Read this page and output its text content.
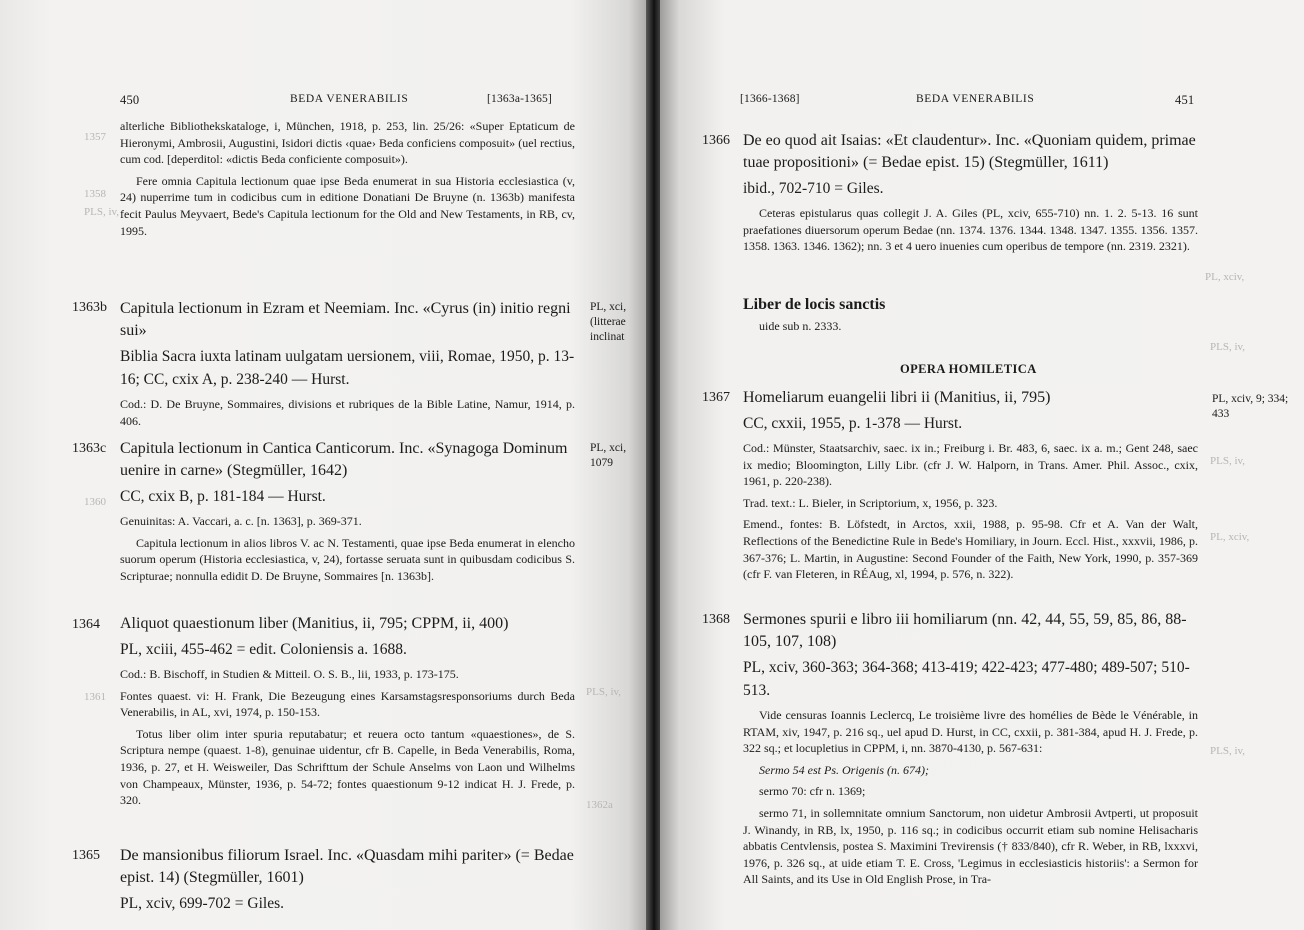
1357
1358
PLS, iv,
1360
1361	PLS, iv,
1362a
450	BEDA VENERABILIS	[1363a-1365]
alterliche Bibliothekskataloge, i, München, 1918, p. 253, lin. 25/26: «Super Eptaticum de Hieronymi, Ambrosii, Augustini, Isidori dictis ‹quae› Beda conficiens composuit» (uel rectius, cum cod. [deperditol: «dictis Beda conficiente composuit»).
Fere omnia Capitula lectionum quae ipse Beda enumerat in sua Historia ecclesiastica (v, 24) nuperrime tum in codicibus cum in editione Donatiani De Bruyne (n. 1363b) manifesta fecit Paulus Meyvaert, Bede's Capitula lectionum for the Old and New Testaments, in RB, cv, 1995.
1363b	PL, xci, (litterae inclinat
Capitula lectionum in Ezram et Neemiam. Inc. «Cyrus (in) initio regni sui»
Biblia Sacra iuxta latinam uulgatam uersionem, viii, Romae, 1950, p. 13-16; CC, cxix A, p. 238-240 — Hurst.
Cod.: D. De Bruyne, Sommaires, divisions et rubriques de la Bible Latine, Namur, 1914, p. 406.
1363c	PL, xci, 1079
Capitula lectionum in Cantica Canticorum. Inc. «Synagoga Dominum uenire in carne» (Stegmüller, 1642)
CC, cxix B, p. 181-184 — Hurst.
Genuinitas: A. Vaccari, a. c. [n. 1363], p. 369-371.
Capitula lectionum in alios libros V. ac N. Testamenti, quae ipse Beda enumerat in elencho suorum operum (Historia ecclesiastica, v, 24), fortasse seruata sunt in quibusdam codicibus S. Scripturae; nonnulla edidit D. De Bruyne, Sommaires [n. 1363b].
1364 Aliquot quaestionum liber (Manitius, ii, 795; CPPM, ii, 400)
PL, xciii, 455-462 = edit. Coloniensis a. 1688.
Cod.: B. Bischoff, in Studien & Mitteil. O. S. B., lii, 1933, p. 173-175.
Fontes quaest. vi: H. Frank, Die Bezeugung eines Karsamstagsresponsoriums durch Beda Venerabilis, in AL, xvi, 1974, p. 150-153.
Totus liber olim inter spuria reputabatur; et reuera octo tantum «quaestiones», de S. Scriptura nempe (quaest. 1-8), genuinae uidentur, cfr B. Capelle, in Beda Venerabilis, Roma, 1936, p. 27, et H. Weisweiler, Das Schrifttum der Schule Anselms von Laon und Wilhelms von Champeaux, Münster, 1936, p. 54-72; fontes quaestionum 9-12 indicat H. J. Frede, p. 320.
1365 De mansionibus filiorum Israel. Inc. «Quasdam mihi pariter» (= Bedae epist. 14) (Stegmüller, 1601)
PL, xciv, 699-702 = Giles.
PL, xciv,
PLS, iv,
PLS, iv,
PL, xciv,
PLS, iv,
[1366-1368]	BEDA VENERABILIS	451
1366 De eo quod ait Isaias: «Et claudentur». Inc. «Quoniam quidem, primae tuae propositioni» (= Bedae epist. 15) (Stegmüller, 1611)
ibid., 702-710 = Giles.
Ceteras epistularus quas collegit J. A. Giles (PL, xciv, 655-710) nn. 1. 2. 5-13. 16 sunt praefationes diuersorum operum Bedae (nn. 1374. 1376. 1344. 1348. 1347. 1355. 1356. 1357. 1358. 1363. 1346. 1362); nn. 3 et 4 uero inuenies cum operibus de tempore (nn. 2319. 2321).
Liber de locis sanctis
uide sub n. 2333.
OPERA HOMILETICA
1367	PL, xciv, 9; 334; 433
Homeliarum euangelii libri ii (Manitius, ii, 795)
CC, cxxii, 1955, p. 1-378 — Hurst.
Cod.: Münster, Staatsarchiv, saec. ix in.; Freiburg i. Br. 483, 6, saec. ix a. m.; Gent 248, saec ix medio; Bloomington, Lilly Libr. (cfr J. W. Halporn, in Trans. Amer. Phil. Assoc., cxix, 1961, p. 220-238).
Trad. text.: L. Bieler, in Scriptorium, x, 1956, p. 323.
Emend., fontes: B. Löfstedt, in Arctos, xxii, 1988, p. 95-98. Cfr et A. Van der Walt, Reflections of the Benedictine Rule in Bede's Homiliary, in Journ. Eccl. Hist., xxxvii, 1986, p. 367-376; L. Martin, in Augustine: Second Founder of the Faith, New York, 1990, p. 357-369 (cfr F. van Fleteren, in RÉAug, xl, 1994, p. 576, n. 322).
1368 Sermones spurii e libro iii homiliarum (nn. 42, 44, 55, 59, 85, 86, 88-105, 107, 108)
PL, xciv, 360-363; 364-368; 413-419; 422-423; 477-480; 489-507; 510-513.
Vide censuras Ioannis Leclercq, Le troisième livre des homélies de Bède le Vénérable, in RTAM, xiv, 1947, p. 216 sq., uel apud D. Hurst, in CC, cxxii, p. 381-384, apud H. J. Frede, p. 322 sq.; et locupletius in CPPM, i, nn. 3870-4130, p. 567-631:
Sermo 54 est Ps. Origenis (n. 674);
sermo 70: cfr n. 1369;
sermo 71, in sollemnitate omnium Sanctorum, non uidetur Ambrosii Avtperti, ut proposuit J. Winandy, in RB, lx, 1950, p. 116 sq.; in codicibus occurrit etiam sub nomine Helisacharis abbatis Centvlensis, postea S. Maximini Trevirensis († 833/840), cfr R. Weber, in RB, lxxxvi, 1976, p. 326 sq., at uide etiam T. E. Cross, 'Legimus in ecclesiasticis historiis': a Sermon for All Saints, and its Use in Old English Prose, in Tra-
